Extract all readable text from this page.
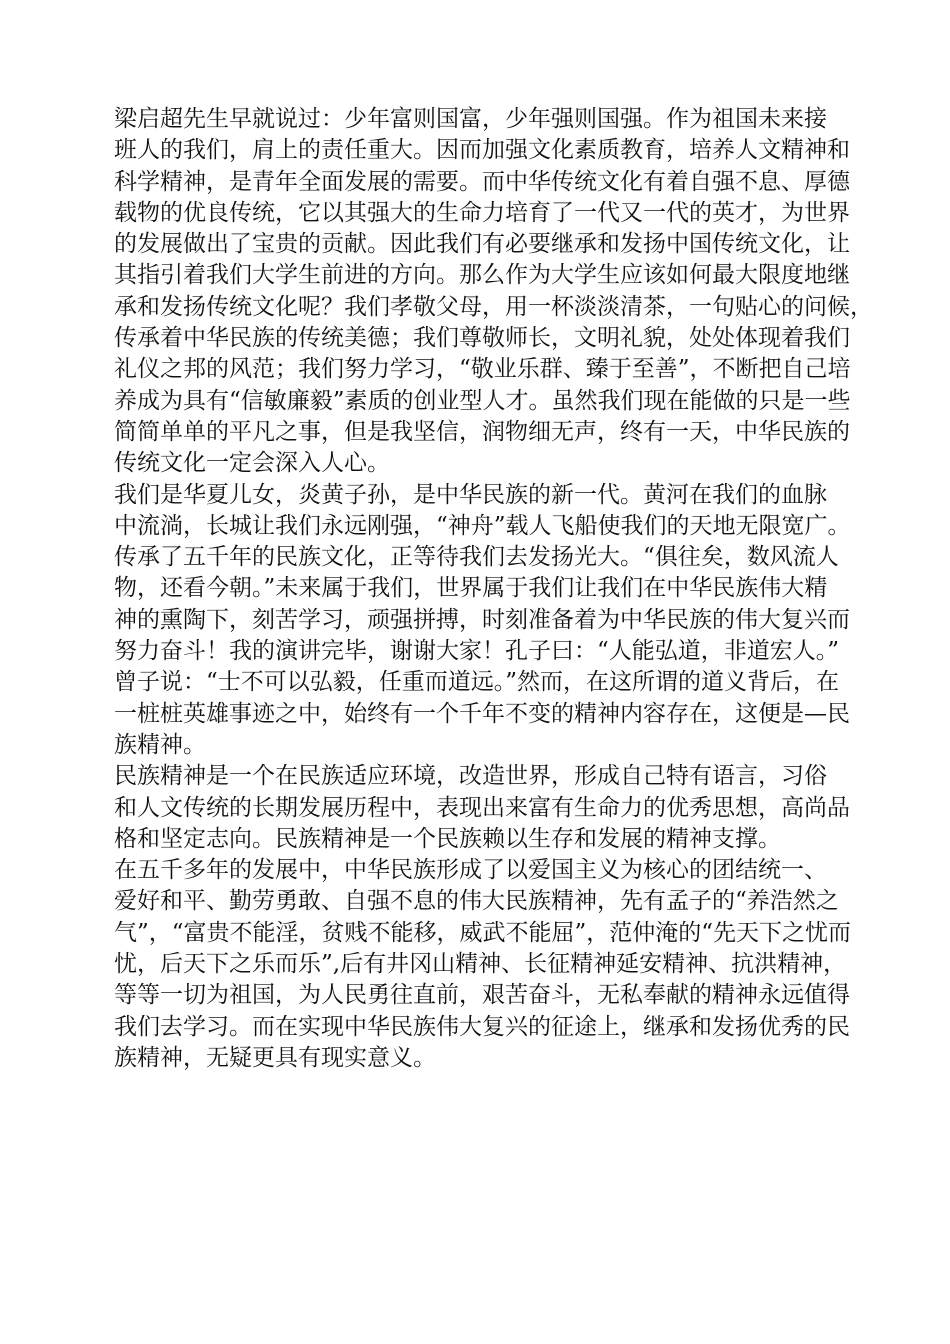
梁启超先生早就说过：少年富则国富，少年强则国强。作为祖国未来接
班人的我们，肩上的责任重大。因而加强文化素质教育，培养人文精神和
科学精神，是青年全面发展的需要。而中华传统文化有着自强不息、厚德
载物的优良传统，它以其强大的生命力培育了一代又一代的英才，为世界
的发展做出了宝贵的贡献。因此我们有必要继承和发扬中国传统文化，让
其指引着我们大学生前进的方向。那么作为大学生应该如何最大限度地继
承和发扬传统文化呢？我们孝敬父母，用一杯淡淡清茶，一句贴心的问候，
传承着中华民族的传统美德；我们尊敬师长，文明礼貌，处处体现着我们
礼仪之邦的风范；我们努力学习，“敬业乐群、臻于至善”，不断把自己培
养成为具有“信敏廉毅”素质的创业型人才。虽然我们现在能做的只是一些
简简单单的平凡之事，但是我坚信，润物细无声，终有一天，中华民族的
传统文化一定会深入人心。
我们是华夏儿女，炎黄子孙，是中华民族的新一代。黄河在我们的血脉
中流淌，长城让我们永远刚强，“神舟”载人飞船使我们的天地无限宽广。
传承了五千年的民族文化，正等待我们去发扬光大。“俱往矣，数风流人
物，还看今朝。”未来属于我们，世界属于我们让我们在中华民族伟大精
神的熏陶下，刻苦学习，顽强拼搏，时刻准备着为中华民族的伟大复兴而
努力奋斗！我的演讲完毕，谢谢大家！孔子曰：“人能弘道，非道宏人。”
曾子说：“士不可以弘毅，任重而道远。”然而，在这所谓的道义背后，在
一桩桩英雄事迹之中，始终有一个千年不变的精神内容存在，这便是—民
族精神。
民族精神是一个在民族适应环境，改造世界，形成自己特有语言，习俗
和人文传统的长期发展历程中，表现出来富有生命力的优秀思想，高尚品
格和坚定志向。民族精神是一个民族赖以生存和发展的精神支撑。
在五千多年的发展中，中华民族形成了以爱国主义为核心的团结统一、
爱好和平、勤劳勇敢、自强不息的伟大民族精神，先有孟子的“养浩然之
气”，“富贵不能淫，贫贱不能移，威武不能屈”，范仲淹的“先天下之忧而
忧，后天下之乐而乐”,后有井冈山精神、长征精神延安精神、抗洪精神，
等等一切为祖国，为人民勇往直前，艰苦奋斗，无私奉献的精神永远值得
我们去学习。而在实现中华民族伟大复兴的征途上，继承和发扬优秀的民
族精神，无疑更具有现实意义。
